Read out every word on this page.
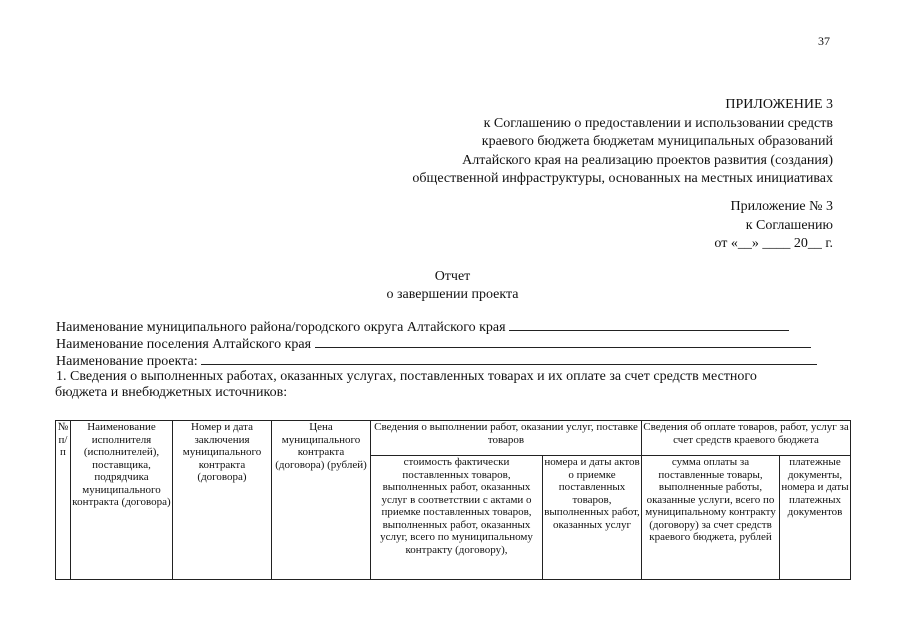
37
ПРИЛОЖЕНИЕ 3
к Соглашению о предоставлении и использовании средств
краевого бюджета бюджетам муниципальных образований
Алтайского края на реализацию проектов развития (создания)
общественной инфраструктуры, основанных на местных инициативах
Приложение № 3
к Соглашению
от «__» ____ 20__ г.
Отчет
о завершении проекта
Наименование муниципального района/городского округа Алтайского края
Наименование поселения Алтайского края
Наименование проекта:
1. Сведения о выполненных работах, оказанных услугах, поставленных товарах и их оплате за счет средств местного
бюджета и внебюджетных источников:
№ п/п	Наименование исполнителя (исполнителей), поставщика, подрядчика муниципального контракта (договора)	Номер и дата заключения муниципального контракта (договора)	Цена муниципального контракта (договора) (рублей)	Сведения о выполнении работ, оказании услуг, поставке товаров		Сведения об оплате товаров, работ, услуг за счет средств краевого бюджета	
				стоимость фактически поставленных товаров, выполненных работ, оказанных услуг в соответствии с актами о приемке поставленных товаров, выполненных работ, оказанных услуг, всего по муниципальному контракту (договору),	номера и даты актов о приемке поставленных товаров, выполненных работ, оказанных услуг	сумма оплаты за поставленные товары, выполненные работы, оказанные услуги, всего по муниципальному контракту (договору) за счет средств краевого бюджета, рублей	платежные документы, номера и даты платежных документов
